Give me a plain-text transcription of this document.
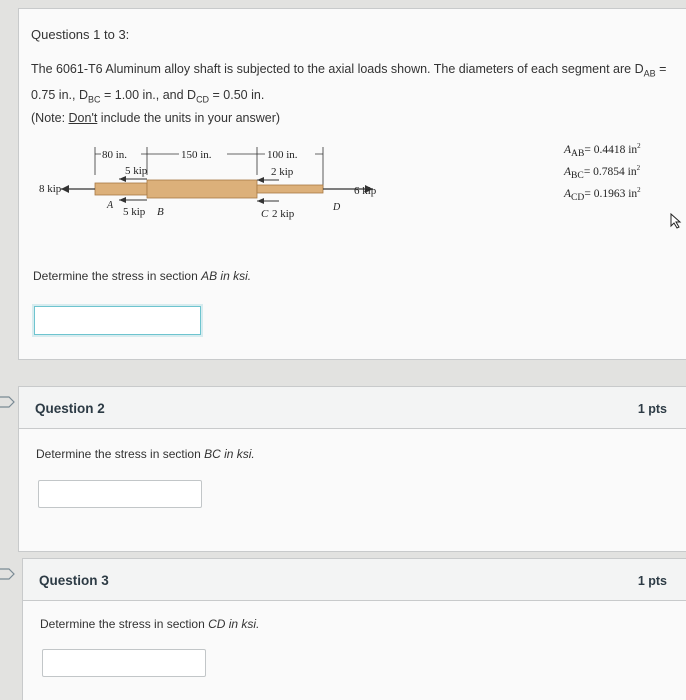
Questions 1 to 3:
The 6061-T6 Aluminum alloy shaft is subjected to the axial loads shown. The diameters of each segment are $D_{AB}$ =
0.75 in., $D_{BC} = 1.00$ in., and $D_{CD} = 0.50$ in.
(Note: Don't include the units in your answer)
80 in.	150 in.	100 in.
8 kip
5 kip
5 kip
A
B
2 kip
C 2 kip
6 kip
D
$A_{AB}= 0.4418$ $in^2$
$A_{BC}= 0.7854$ $in^2$
$A_{CD}= 0.1963$ $in^2$
Determine the stress in section AB in ksi.
Question 2	1 pts
Determine the stress in section BC in ksi.
Question 3	1 pts
Determine the stress in section CD in ksi.
